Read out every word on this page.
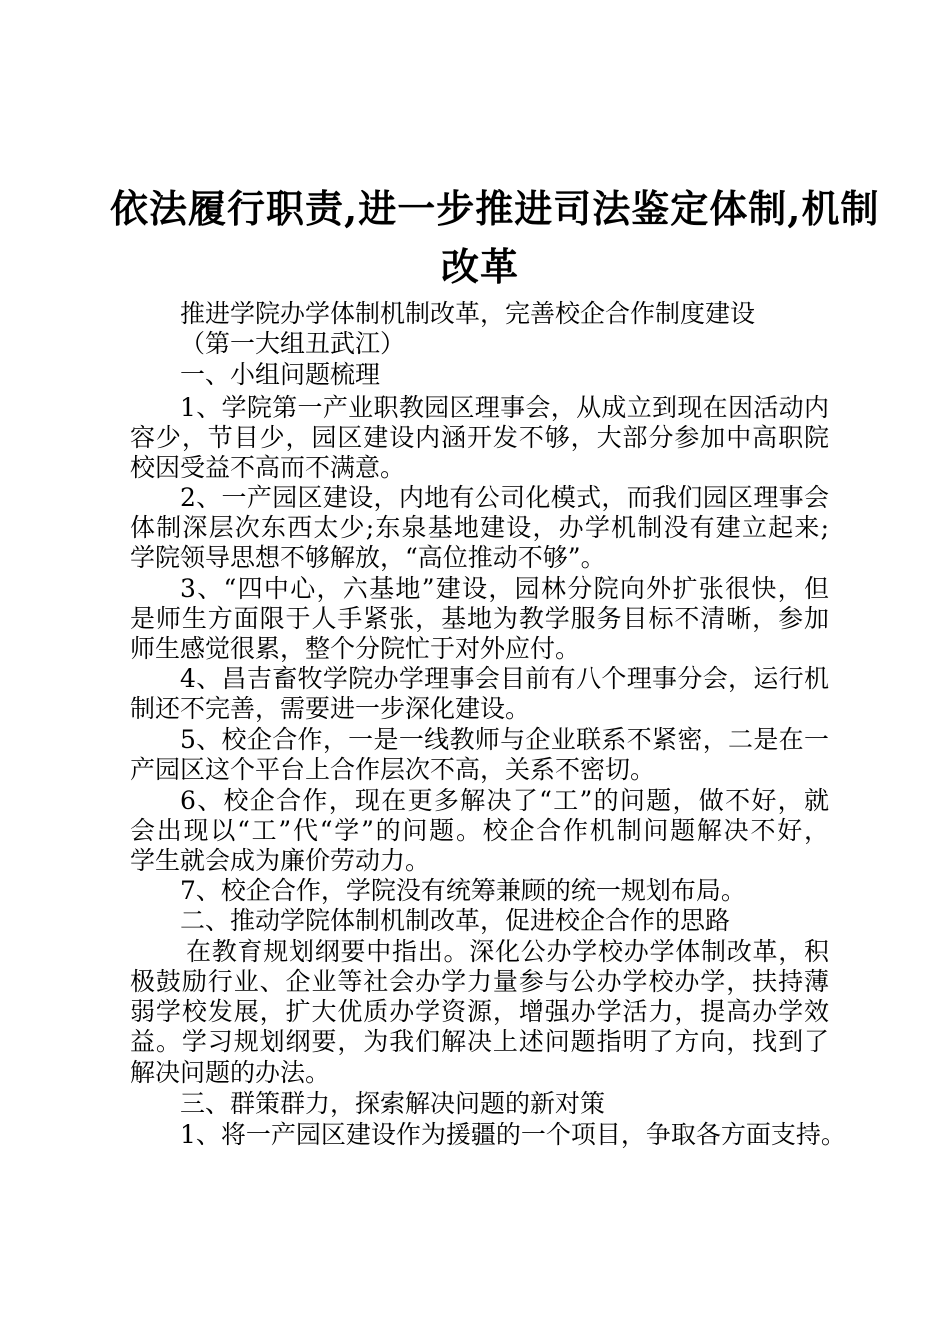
依法履行职责,进一步推进司法鉴定体制,机制
改革
推进学院办学体制机制改革，完善校企合作制度建设
（第一大组丑武江）
一、小组问题梳理
1、学院第一产业职教园区理事会，从成立到现在因活动内
容少，节目少，园区建设内涵开发不够，大部分参加中高职院
校因受益不高而不满意。
2、一产园区建设，内地有公司化模式，而我们园区理事会
体制深层次东西太少;东泉基地建设，办学机制没有建立起来;
学院领导思想不够解放，“高位推动不够”。
3、“四中心，六基地”建设，园林分院向外扩张很快，但
是师生方面限于人手紧张，基地为教学服务目标不清晰，参加
师生感觉很累，整个分院忙于对外应付。
4、昌吉畜牧学院办学理事会目前有八个理事分会，运行机
制还不完善，需要进一步深化建设。
5、校企合作，一是一线教师与企业联系不紧密，二是在一
产园区这个平台上合作层次不高，关系不密切。
6、校企合作，现在更多解决了“工”的问题，做不好，就
会出现以“工”代“学”的问题。校企合作机制问题解决不好，
学生就会成为廉价劳动力。
7、校企合作，学院没有统筹兼顾的统一规划布局。
二、推动学院体制机制改革，促进校企合作的思路
在教育规划纲要中指出。深化公办学校办学体制改革，积
极鼓励行业、企业等社会办学力量参与公办学校办学，扶持薄
弱学校发展，扩大优质办学资源，增强办学活力，提高办学效
益。学习规划纲要，为我们解决上述问题指明了方向，找到了
解决问题的办法。
三、群策群力，探索解决问题的新对策
1、将一产园区建设作为援疆的一个项目，争取各方面支持。
